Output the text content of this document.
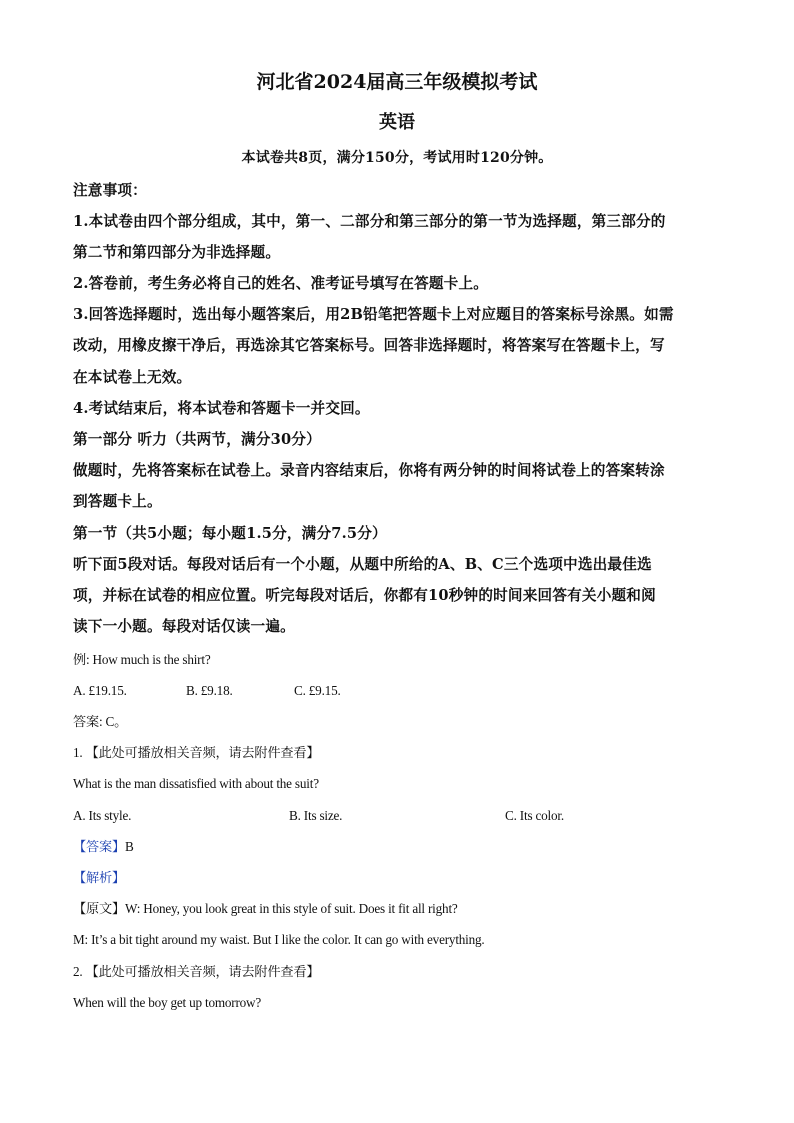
河北省2024届高三年级模拟考试
英语
本试卷共8页，满分150分，考试用时120分钟。
注意事项：
1.本试卷由四个部分组成，其中，第一、二部分和第三部分的第一节为选择题，第三部分的
第二节和第四部分为非选择题。
2.答卷前，考生务必将自己的姓名、准考证号填写在答题卡上。
3.回答选择题时，选出每小题答案后，用2B铅笔把答题卡上对应题目的答案标号涂黑。如需
改动，用橡皮擦干净后，再选涂其它答案标号。回答非选择题时，将答案写在答题卡上，写
在本试卷上无效。
4.考试结束后，将本试卷和答题卡一并交回。
第一部分 听力（共两节，满分30分）
做题时，先将答案标在试卷上。录音内容结束后，你将有两分钟的时间将试卷上的答案转涂
到答题卡上。
第一节（共5小题；每小题1.5分，满分7.5分）
听下面5段对话。每段对话后有一个小题，从题中所给的A、B、C三个选项中选出最佳选
项，并标在试卷的相应位置。听完每段对话后，你都有10秒钟的时间来回答有关小题和阅
读下一小题。每段对话仅读一遍。
例: How much is the shirt?
A. £19.15.	B. £9.18.	C. £9.15.
答案: C。
1. 【此处可播放相关音频，请去附件查看】
What is the man dissatisfied with about the suit?
A. Its style.	B. Its size.	C. Its color.
【答案】B
【解析】
【原文】W: Honey, you look great in this style of suit. Does it fit all right?
M: It’s a bit tight around my waist. But I like the color. It can go with everything.
2. 【此处可播放相关音频，请去附件查看】
When will the boy get up tomorrow?
